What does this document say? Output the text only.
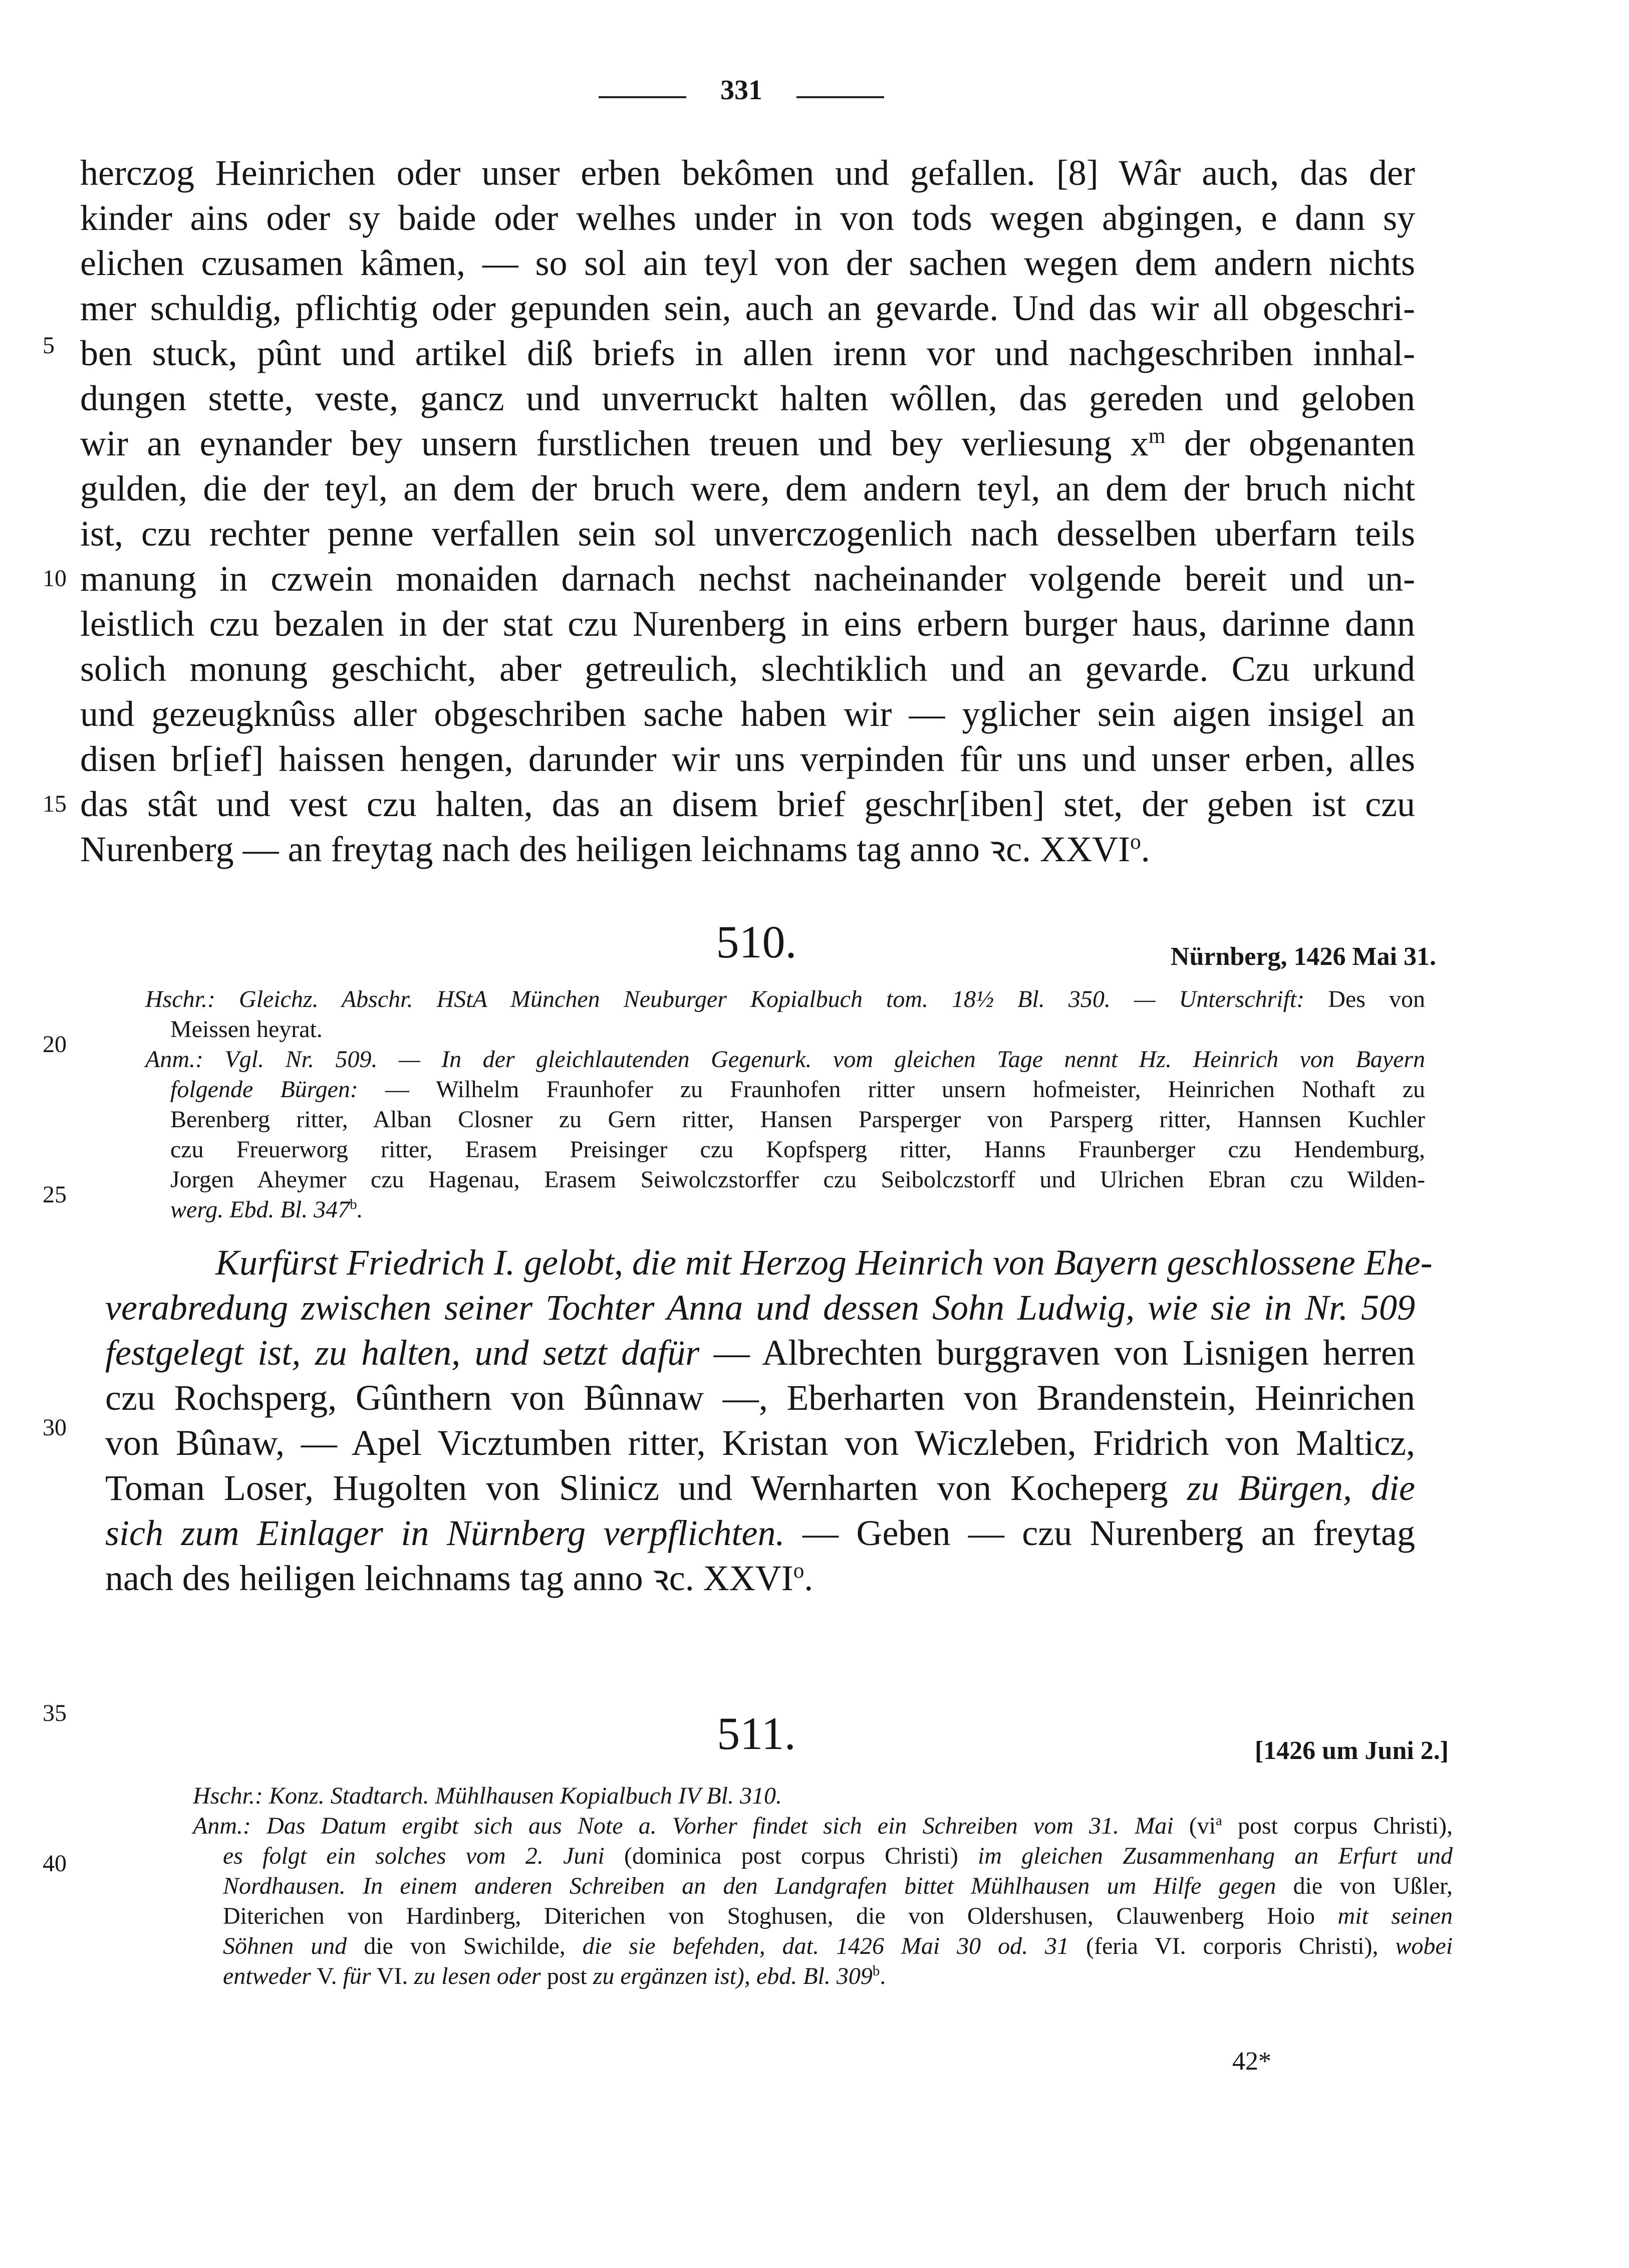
331
herczog Heinrichen oder unser erben bekômen und gefallen. [8] Wâr auch, das der
kinder ains oder sy baide oder welhes under in von tods wegen abgingen, e dann sy
elichen czusamen kâmen, — so sol ain teyl von der sachen wegen dem andern nichts
mer schuldig, pflichtig oder gepunden sein, auch an gevarde. Und das wir all obgeschri-
ben stuck, pûnt und artikel diß briefs in allen irenn vor und nachgeschriben innhal-
dungen stette, veste, gancz und unverruckt halten wôllen, das gereden und geloben
wir an eynander bey unsern furstlichen treuen und bey verliesung $x^m$ der obgenanten
gulden, die der teyl, an dem der bruch were, dem andern teyl, an dem der bruch nicht
ist, czu rechter penne verfallen sein sol unverczogenlich nach desselben uberfarn teils
manung in czwein monaiden darnach nechst nacheinander volgende bereit und un-
leistlich czu bezalen in der stat czu Nurenberg in eins erbern burger haus, darinne dann
solich monung geschicht, aber getreulich, slechtiklich und an gevarde. Czu urkund
und gezeugknûss aller obgeschriben sache haben wir — yglicher sein aigen insigel an
disen br[ief] haissen hengen, darunder wir uns verpinden fûr uns und unser erben, alles
das stât und vest czu halten, das an disem brief geschr[iben] stet, der geben ist czu
Nurenberg — an freytag nach des heiligen leichnams tag anno ꝛc. XXVI$^o$.
5
10
15
20
25
30
35
40
510.	Nürnberg, 1426 Mai 31.
Hschr.: Gleichz. Abschr. HStA München Neuburger Kopialbuch tom. 18½ Bl. 350. — Unterschrift: Des von
Meissen heyrat.
Anm.: Vgl. Nr. 509. — In der gleichlautenden Gegenurk. vom gleichen Tage nennt Hz. Heinrich von Bayern
folgende Bürgen: — Wilhelm Fraunhofer zu Fraunhofen ritter unsern hofmeister, Heinrichen Nothaft zu
Berenberg ritter, Alban Closner zu Gern ritter, Hansen Parsperger von Parsperg ritter, Hannsen Kuchler
czu Freuerworg ritter, Erasem Preisinger czu Kopfsperg ritter, Hanns Fraunberger czu Hendemburg,
Jorgen Aheymer czu Hagenau, Erasem Seiwolczstorffer czu Seibolczstorff und Ulrichen Ebran czu Wilden-
werg. Ebd. Bl. 347$^b$.
Kurfürst Friedrich I. gelobt, die mit Herzog Heinrich von Bayern geschlossene Ehe-
verabredung zwischen seiner Tochter Anna und dessen Sohn Ludwig, wie sie in Nr. 509
festgelegt ist, zu halten, und setzt dafür — Albrechten burggraven von Lisnigen herren
czu Rochsperg, Gûnthern von Bûnnaw —, Eberharten von Brandenstein, Heinrichen
von Bûnaw, — Apel Vicztumben ritter, Kristan von Wiczleben, Fridrich von Malticz,
Toman Loser, Hugolten von Slinicz und Wernharten von Kocheperg zu Bürgen, die
sich zum Einlager in Nürnberg verpflichten. — Geben — czu Nurenberg an freytag
nach des heiligen leichnams tag anno ꝛc. XXVI$^o$.
511.	[1426 um Juni 2.]
Hschr.: Konz. Stadtarch. Mühlhausen Kopialbuch IV Bl. 310.
Anm.: Das Datum ergibt sich aus Note a. Vorher findet sich ein Schreiben vom 31. Mai ($vi^a$ post corpus Christi),
es folgt ein solches vom 2. Juni (dominica post corpus Christi) im gleichen Zusammenhang an Erfurt und
Nordhausen. In einem anderen Schreiben an den Landgrafen bittet Mühlhausen um Hilfe gegen die von Ußler,
Diterichen von Hardinberg, Diterichen von Stoghusen, die von Oldershusen, Clauwenberg Hoio mit seinen
Söhnen und die von Swichilde, die sie befehden, dat. 1426 Mai 30 od. 31 (feria VI. corporis Christi), wobei
entweder V. für VI. zu lesen oder post zu ergänzen ist), ebd. Bl. 309$^b$.
42*
